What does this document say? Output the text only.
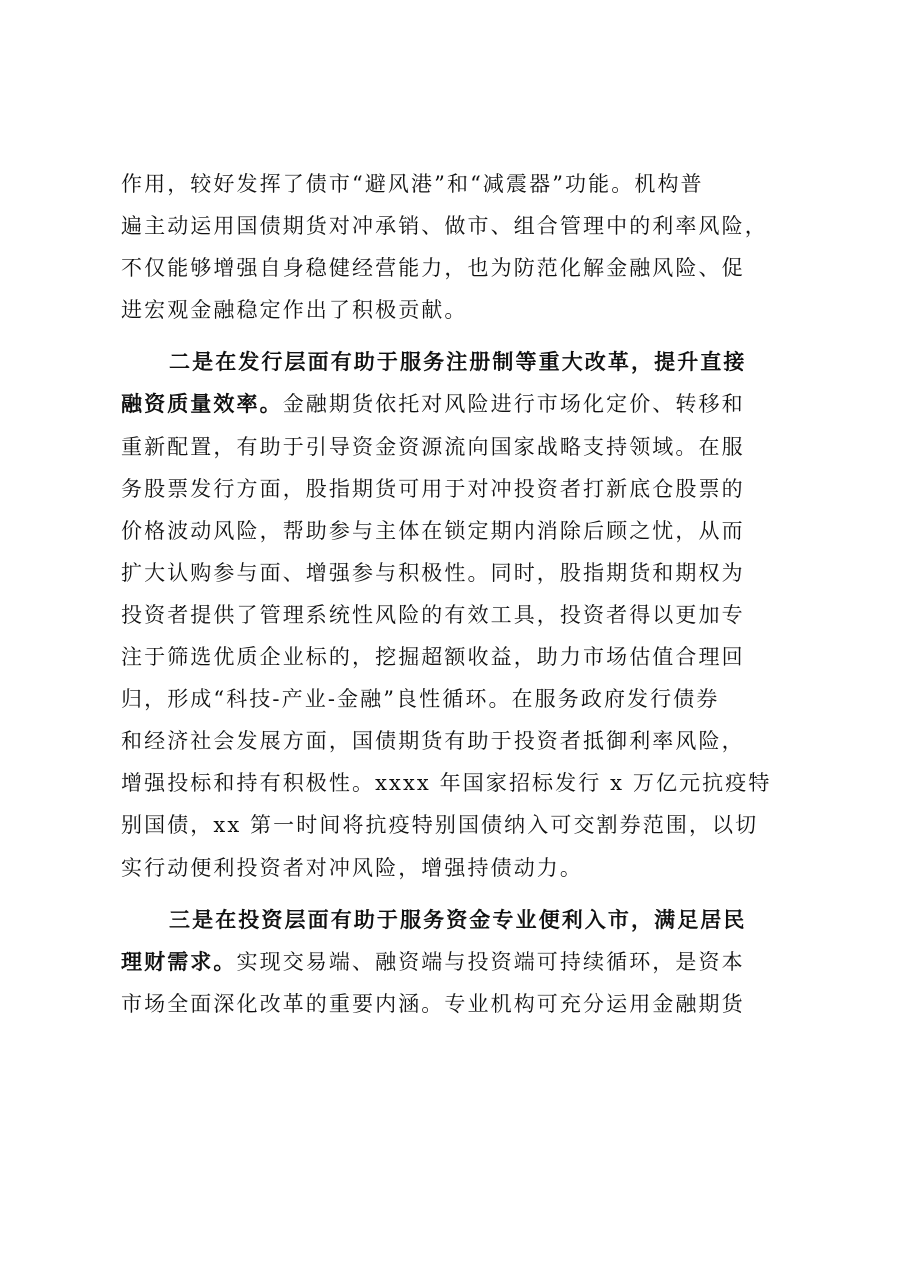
作用，较好发挥了债市“避风港”和“减震器”功能。机构普
遍主动运用国债期货对冲承销、做市、组合管理中的利率风险，
不仅能够增强自身稳健经营能力，也为防范化解金融风险、促
进宏观金融稳定作出了积极贡献。
二是在发行层面有助于服务注册制等重大改革，提升直接
融资质量效率。金融期货依托对风险进行市场化定价、转移和
重新配置，有助于引导资金资源流向国家战略支持领域。在服
务股票发行方面，股指期货可用于对冲投资者打新底仓股票的
价格波动风险，帮助参与主体在锁定期内消除后顾之忧，从而
扩大认购参与面、增强参与积极性。同时，股指期货和期权为
投资者提供了管理系统性风险的有效工具，投资者得以更加专
注于筛选优质企业标的，挖掘超额收益，助力市场估值合理回
归，形成“科技-产业-金融”良性循环。在服务政府发行债券
和经济社会发展方面，国债期货有助于投资者抵御利率风险，
增强投标和持有积极性。xxxx 年国家招标发行 x 万亿元抗疫特
别国债，xx 第一时间将抗疫特别国债纳入可交割券范围，以切
实行动便利投资者对冲风险，增强持债动力。
三是在投资层面有助于服务资金专业便利入市，满足居民
理财需求。实现交易端、融资端与投资端可持续循环，是资本
市场全面深化改革的重要内涵。专业机构可充分运用金融期货
